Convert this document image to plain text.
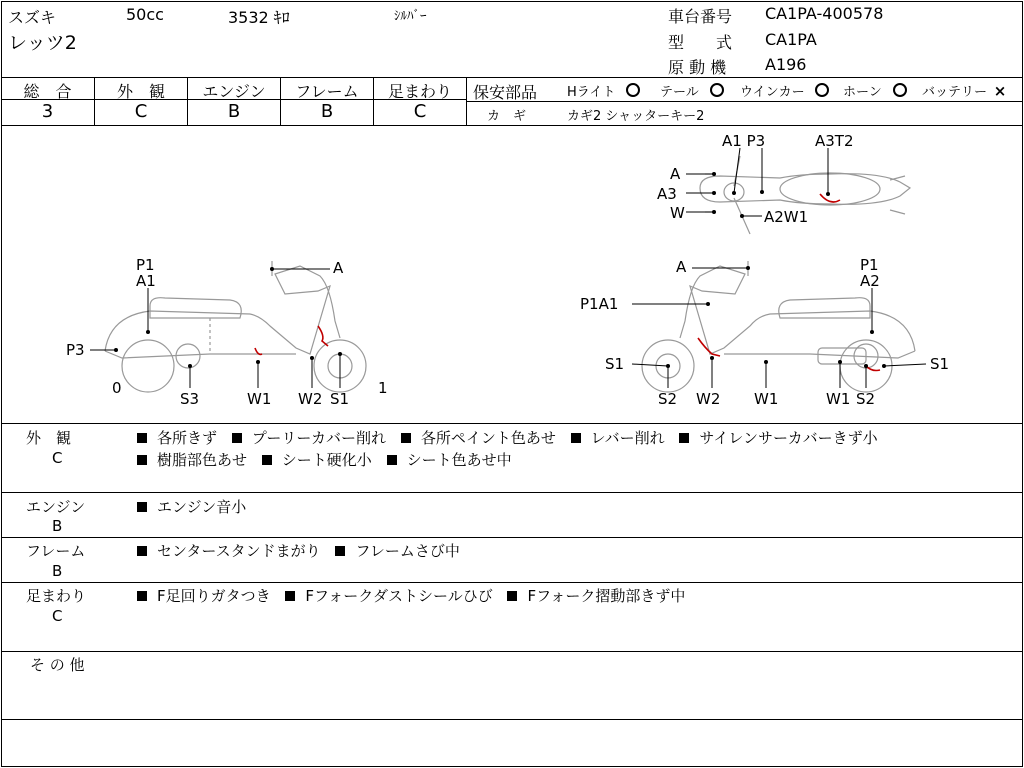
スズキ	50cc	3532 ｷﾛ	ｼﾙﾊﾞｰ
レッツ2
車台番号 CA1PA-400578
型　　式 CA1PA
原 動 機 A196
総　合	外　観	エンジン	フレーム	足まわり
3	C	B	B	C
保安部品 Hライト	テール	ウインカー	ホーン	バッテリー ×
カ　ギ	カギ2 シャッターキー2
A1 P3	A3T2
A
A3
W	A2W1
P1
A1
A
P3
0	1
S3	W1 W2 S1
A	P1
A2
P1A1
S1	S1
S2 W2 W1	W1 S2
外　観
C
各所きず プーリーカバー削れ 各所ペイント色あせ レバー削れ サイレンサーカバーきず小
樹脂部色あせ シート硬化小 シート色あせ中
エンジン
B
エンジン音小
フレーム
B
センタースタンドまがり フレームさび中
足まわり
C
F足回りガタつき Fフォークダストシールひび Fフォーク摺動部きず中
そ の 他
